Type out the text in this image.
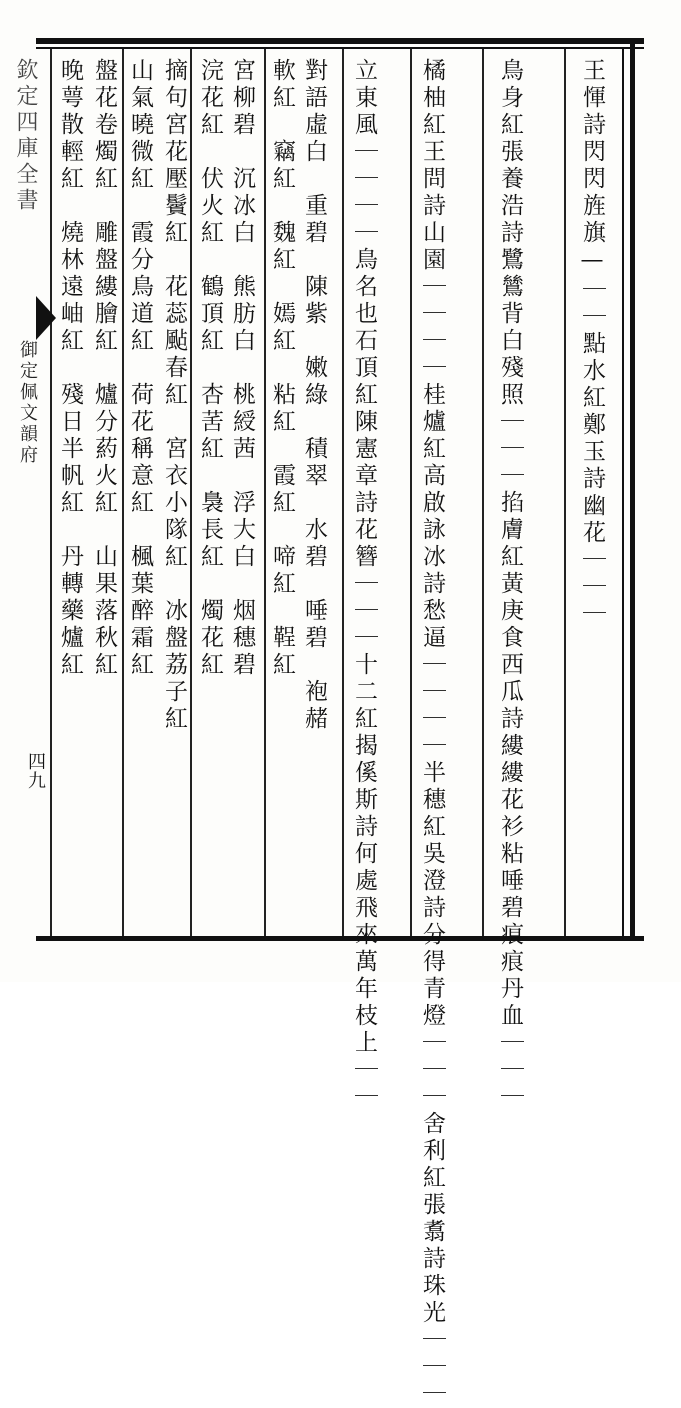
王惲詩閃閃旌旗—｜｜點水紅鄭玉詩幽花｜｜｜
鳥身紅張養浩詩鷺鷥背白殘照｜｜｜掐膚紅黃庚食西瓜詩縷縷花衫粘唾碧痕痕丹血｜｜｜
橘柚紅王問詩山園｜｜｜｜桂爐紅高啟詠冰詩愁逼｜｜｜｜半穗紅吳澄詩分得青燈｜｜｜舍利紅張翥詩珠光｜｜｜
立東風｜｜｜｜鳥名也石頂紅陳憲章詩花簪｜｜｜十二紅揭傒斯詩何處飛來萬年枝上｜｜
對語虛白　重碧　陳紫　嫩綠　積翠　水碧　唾碧　袍赭
軟紅　竊紅　魏紅　嫣紅　粘紅　霞紅　啼紅　鞓紅
宮柳碧　沉冰白　熊肪白　桃綬茜　浮大白　烟穗碧
浣花紅　伏火紅　鶴頂紅　杏䒷紅　裊長紅　燭花紅
摘句宮花壓鬢紅　花蕊颭春紅　宮衣小隊紅　冰盤荔子紅
山氣曉微紅　霞分鳥道紅　荷花稱意紅　楓葉醉霜紅
盤花卷燭紅　雕盤縷膾紅　爐分葯火紅　山果落秋紅
晚萼散輕紅　燒林遠岫紅　殘日半帆紅　丹轉藥爐紅
欽定四庫全書
御定佩文韻府
四九
